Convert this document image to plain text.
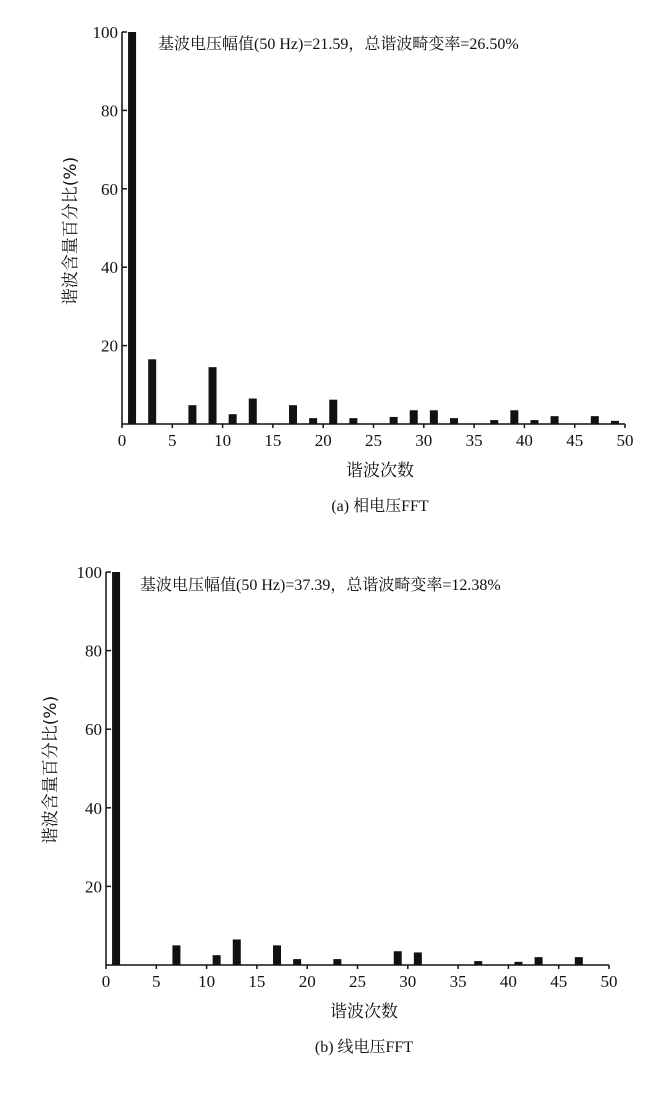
20
40
60
80
100
0 5 10 15 20 25 30 35 40 45 50
基波电压幅值(50 Hz)=21.59，总谐波畸变率=26.50%
谐波含量百分比(%)
谐波次数
(a) 相电压FFT
20
40
60
80
100
0 5 10 15 20 25 30 35 40 45 50
基波电压幅值(50 Hz)=37.39，总谐波畸变率=12.38%
谐波含量百分比(%)
谐波次数
(b) 线电压FFT
